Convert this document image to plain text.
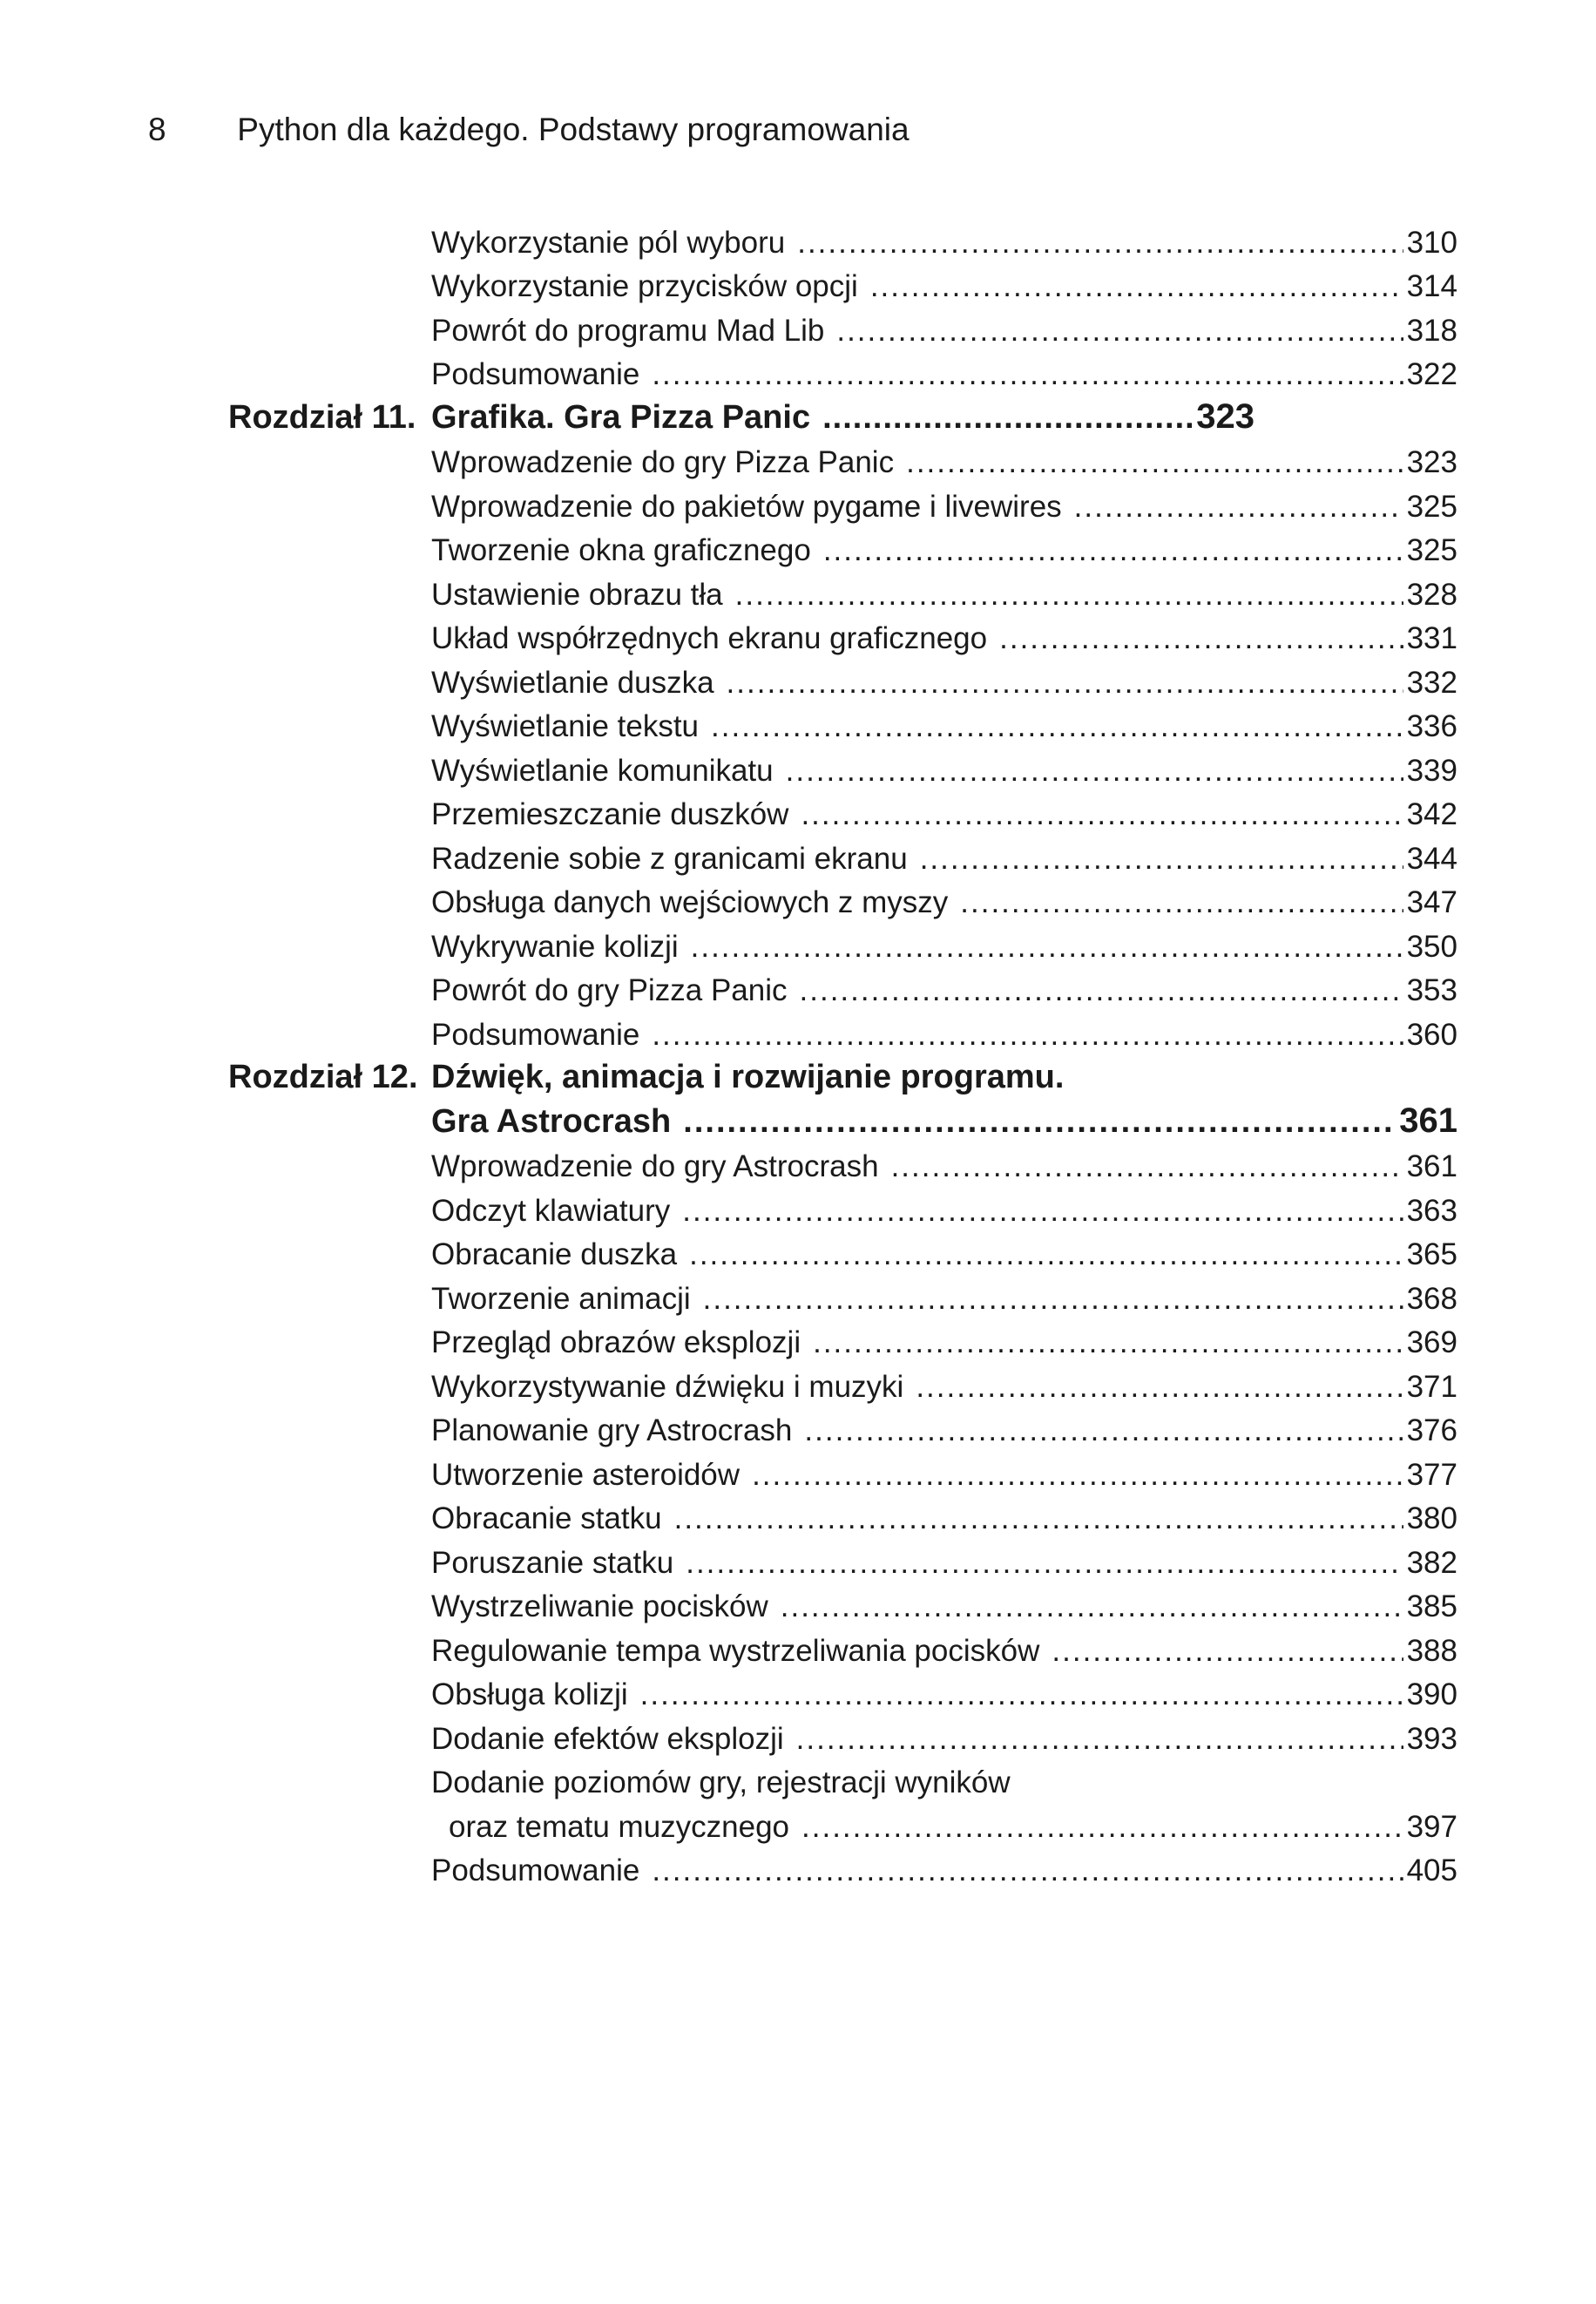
8 Python dla każdego. Podstawy programowania
Wykorzystanie pól wyboru .....	310
Wykorzystanie przycisków opcji .....	314
Powrót do programu Mad Lib .....	318
Podsumowanie .....	322
Rozdział 11. Grafika. Gra Pizza Panic .....	323
Wprowadzenie do gry Pizza Panic .....	323
Wprowadzenie do pakietów pygame i livewires .....	325
Tworzenie okna graficznego .....	325
Ustawienie obrazu tła .....	328
Układ współrzędnych ekranu graficznego .....	331
Wyświetlanie duszka .....	332
Wyświetlanie tekstu .....	336
Wyświetlanie komunikatu .....	339
Przemieszczanie duszków .....	342
Radzenie sobie z granicami ekranu .....	344
Obsługa danych wejściowych z myszy .....	347
Wykrywanie kolizji .....	350
Powrót do gry Pizza Panic .....	353
Podsumowanie .....	360
Rozdział 12. Dźwięk, animacja i rozwijanie programu.
Gra Astrocrash .....	361
Wprowadzenie do gry Astrocrash .....	361
Odczyt klawiatury .....	363
Obracanie duszka .....	365
Tworzenie animacji .....	368
Przegląd obrazów eksplozji .....	369
Wykorzystywanie dźwięku i muzyki .....	371
Planowanie gry Astrocrash .....	376
Utworzenie asteroidów .....	377
Obracanie statku .....	380
Poruszanie statku .....	382
Wystrzeliwanie pocisków .....	385
Regulowanie tempa wystrzeliwania pocisków .....	388
Obsługa kolizji .....	390
Dodanie efektów eksplozji .....	393
Dodanie poziomów gry, rejestracji wyników
oraz tematu muzycznego .....	397
Podsumowanie .....	405
